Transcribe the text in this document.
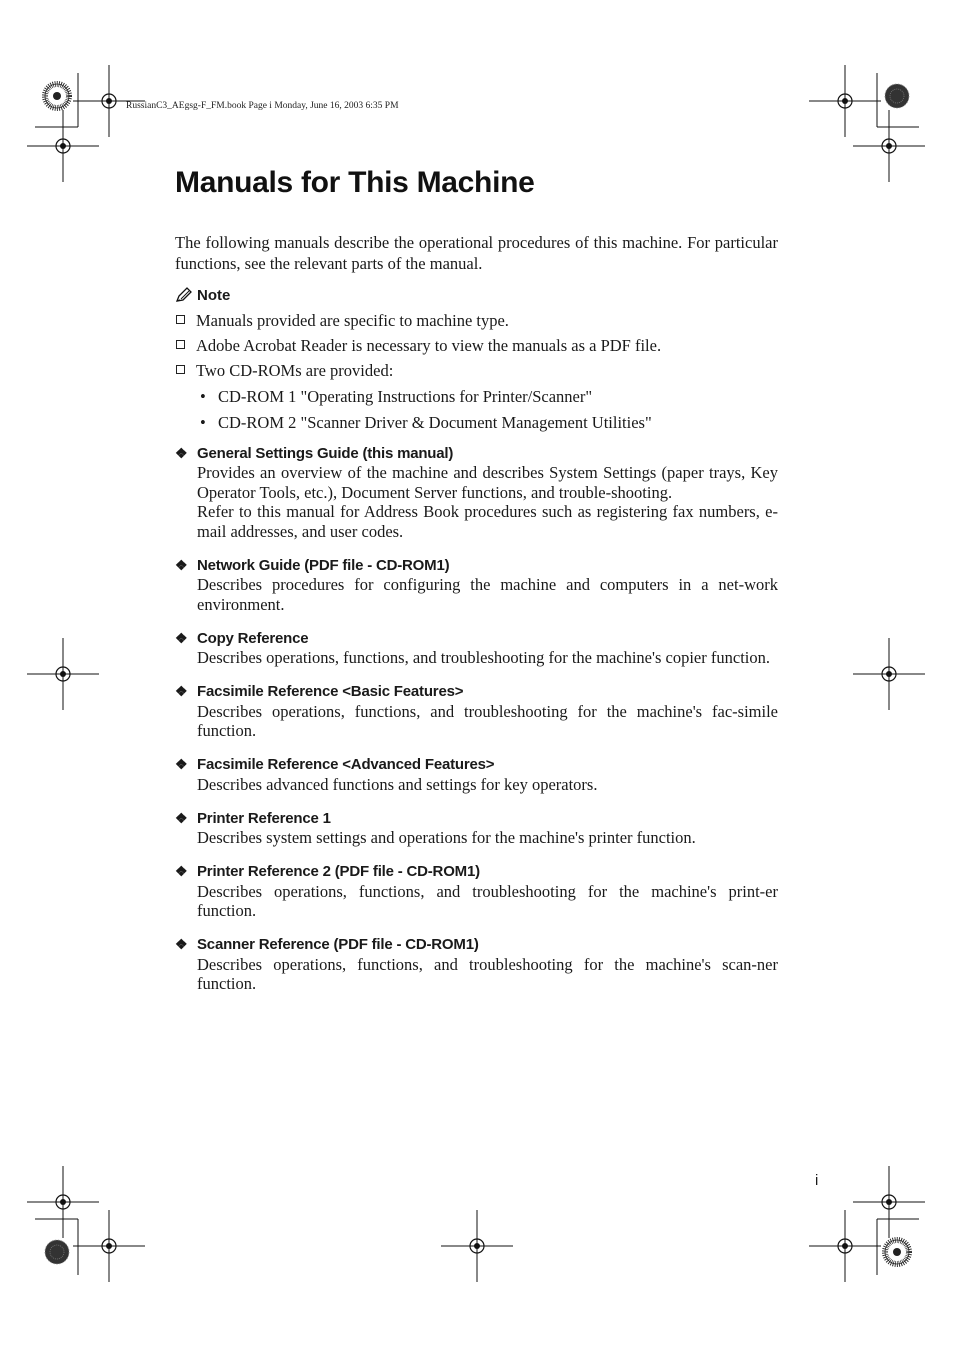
RussianC3_AEgsg-F_FM.book Page i Monday, June 16, 2003 6:35 PM
Manuals for This Machine

The following manuals describe the operational procedures of this machine. For particular functions, see the relevant parts of the manual.

Note
Manuals provided are specific to machine type.
Adobe Acrobat Reader is necessary to view the manuals as a PDF file.
Two CD-ROMs are provided:
• CD-ROM 1 "Operating Instructions for Printer/Scanner"
• CD-ROM 2 "Scanner Driver & Document Management Utilities"
❖ General Settings Guide (this manual)
Provides an overview of the machine and describes System Settings (paper trays, Key Operator Tools, etc.), Document Server functions, and trouble-shooting.
Refer to this manual for Address Book procedures such as registering fax numbers, e-mail addresses, and user codes.
❖ Network Guide (PDF file - CD-ROM1)
Describes procedures for configuring the machine and computers in a net-work environment.
❖ Copy Reference
Describes operations, functions, and troubleshooting for the machine's copier function.
❖ Facsimile Reference <Basic Features>
Describes operations, functions, and troubleshooting for the machine's fac-simile function.
❖ Facsimile Reference <Advanced Features>
Describes advanced functions and settings for key operators.
❖ Printer Reference 1
Describes system settings and operations for the machine's printer function.
❖ Printer Reference 2 (PDF file - CD-ROM1)
Describes operations, functions, and troubleshooting for the machine's print-er function.
❖ Scanner Reference (PDF file - CD-ROM1)
Describes operations, functions, and troubleshooting for the machine's scan-ner function.
i
